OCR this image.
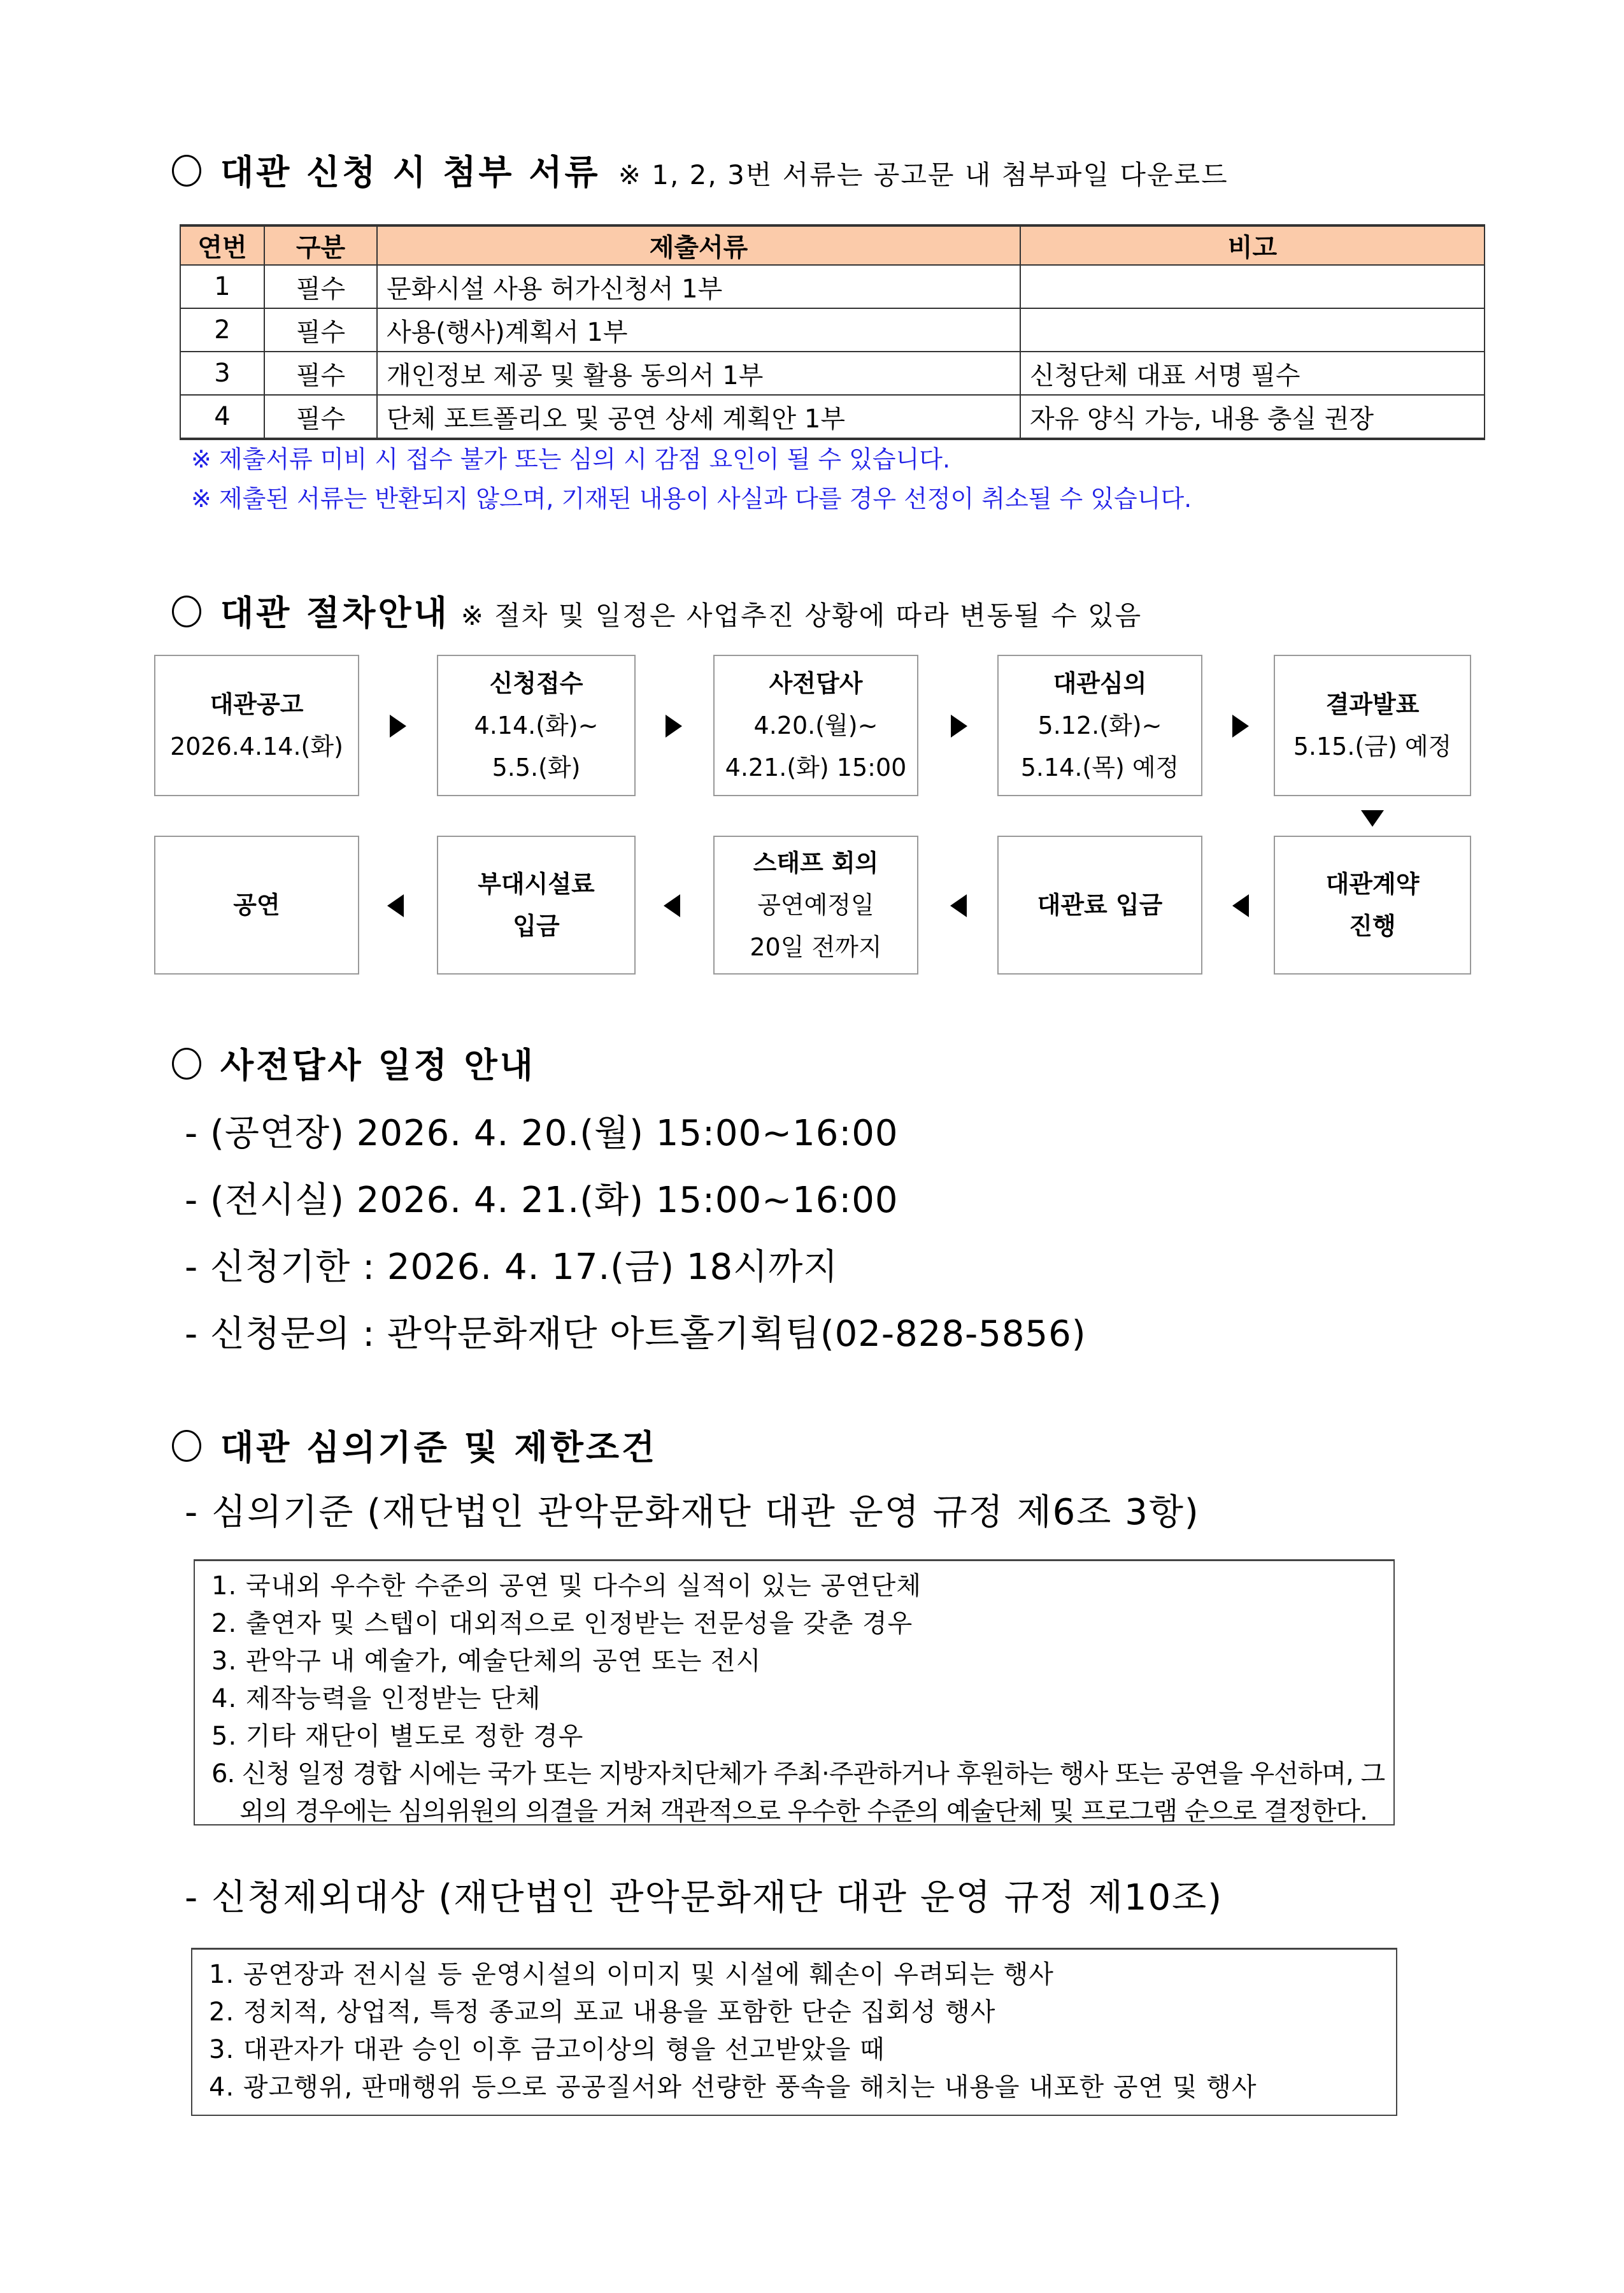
대관 신청 시 첨부 서류 ※ 1, 2, 3번 서류는 공고문 내 첨부파일 다운로드
연번	구분	제출서류	비고
1	필수	문화시설 사용 허가신청서 1부	
2	필수	사용(행사)계획서 1부	
3	필수	개인정보 제공 및 활용 동의서 1부	신청단체 대표 서명 필수
4	필수	단체 포트폴리오 및 공연 상세 계획안 1부	자유 양식 가능, 내용 충실 권장
※ 제출서류 미비 시 접수 불가 또는 심의 시 감점 요인이 될 수 있습니다.
※ 제출된 서류는 반환되지 않으며, 기재된 내용이 사실과 다를 경우 선정이 취소될 수 있습니다.
대관 절차안내 ※ 절차 및 일정은 사업추진 상황에 따라 변동될 수 있음
대관공고
2026.4.14.(화)
신청접수
4.14.(화)~
5.5.(화)
사전답사
4.20.(월)~
4.21.(화) 15:00
대관심의
5.12.(화)~
5.14.(목) 예정
결과발표
5.15.(금) 예정
공연
부대시설료
입금
스태프 회의
공연예정일
20일 전까지
대관료 입금
대관계약
진행
사전답사 일정 안내
- (공연장) 2026. 4. 20.(월) 15:00~16:00
- (전시실) 2026. 4. 21.(화) 15:00~16:00
- 신청기한 : 2026. 4. 17.(금) 18시까지
- 신청문의 : 관악문화재단 아트홀기획팀(02-828-5856)
대관 심의기준 및 제한조건
- 심의기준 (재단법인 관악문화재단 대관 운영 규정 제6조 3항)
1. 국내외 우수한 수준의 공연 및 다수의 실적이 있는 공연단체
2. 출연자 및 스텝이 대외적으로 인정받는 전문성을 갖춘 경우
3. 관악구 내 예술가, 예술단체의 공연 또는 전시
4. 제작능력을 인정받는 단체
5. 기타 재단이 별도로 정한 경우
6. 신청 일정 경합 시에는 국가 또는 지방자치단체가 주최·주관하거나 후원하는 행사 또는 공연을 우선하며, 그
외의 경우에는 심의위원의 의결을 거쳐 객관적으로 우수한 수준의 예술단체 및 프로그램 순으로 결정한다.
- 신청제외대상 (재단법인 관악문화재단 대관 운영 규정 제10조)
1. 공연장과 전시실 등 운영시설의 이미지 및 시설에 훼손이 우려되는 행사
2. 정치적, 상업적, 특정 종교의 포교 내용을 포함한 단순 집회성 행사
3. 대관자가 대관 승인 이후 금고이상의 형을 선고받았을 때
4. 광고행위, 판매행위 등으로 공공질서와 선량한 풍속을 해치는 내용을 내포한 공연 및 행사
